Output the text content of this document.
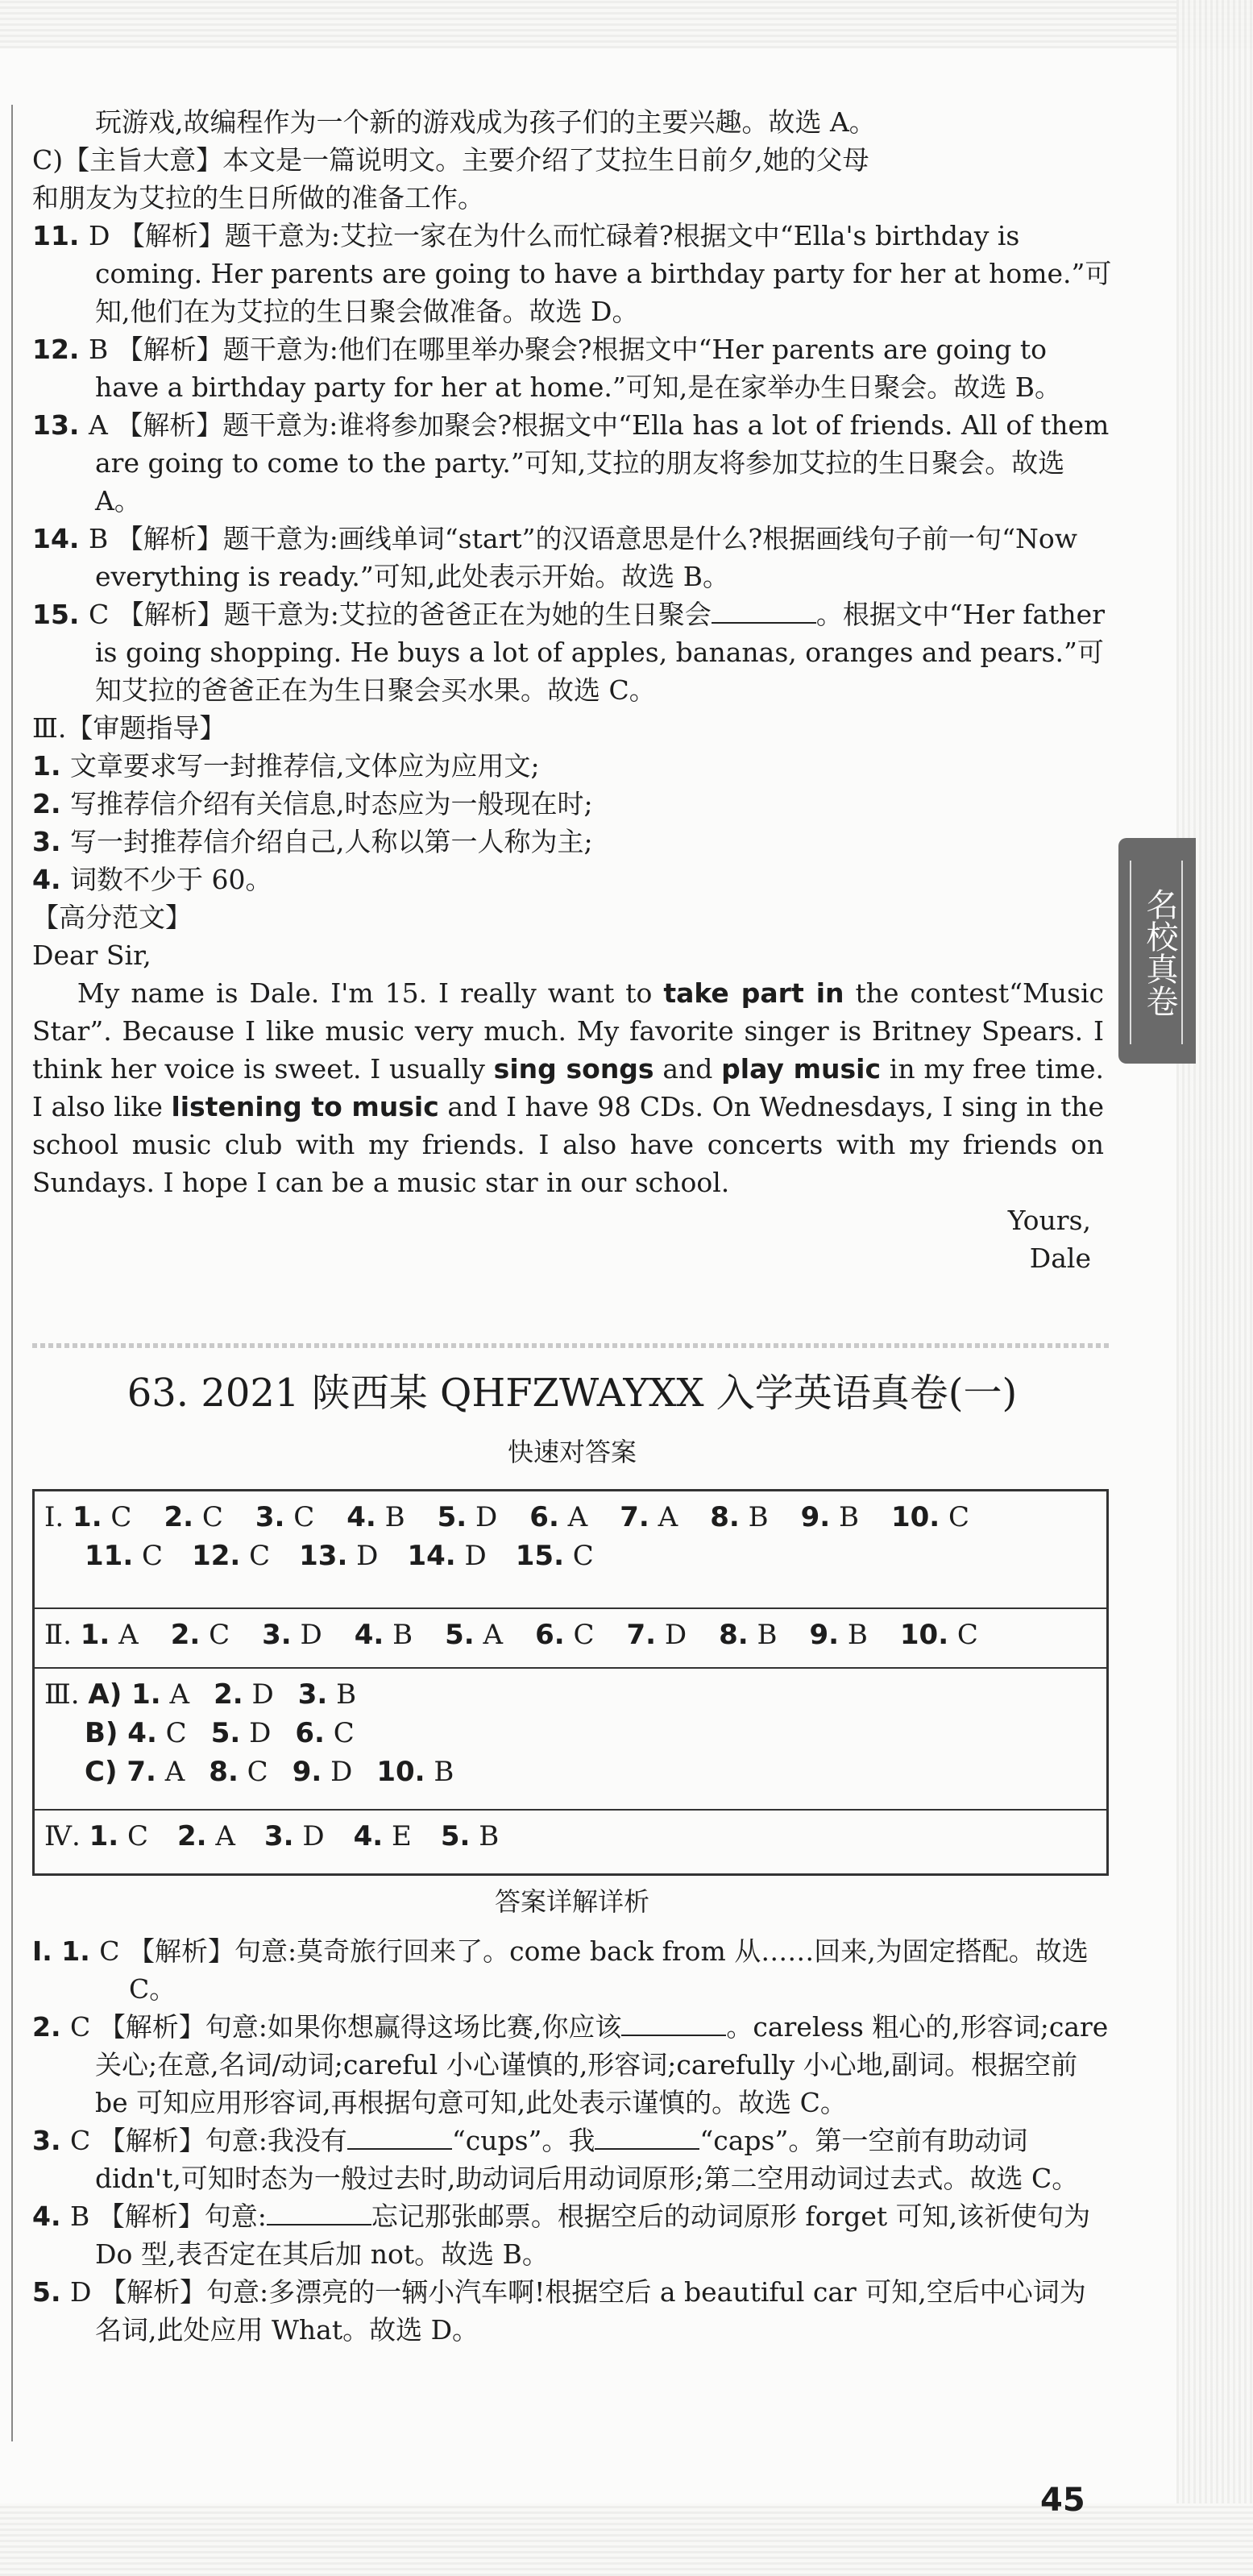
玩游戏,故编程作为一个新的游戏成为孩子们的主要兴趣。故选 A。

C)【主旨大意】本文是一篇说明文。主要介绍了艾拉生日前夕,她的父母

和朋友为艾拉的生日所做的准备工作。

11. D 【解析】题干意为:艾拉一家在为什么而忙碌着?根据文中“Ella's birthday is coming. Her parents are going to have a birthday party for her at home.”可知,他们在为艾拉的生日聚会做准备。故选 D。

12. B 【解析】题干意为:他们在哪里举办聚会?根据文中“Her parents are going to have a birthday party for her at home.”可知,是在家举办生日聚会。故选 B。

13. A 【解析】题干意为:谁将参加聚会?根据文中“Ella has a lot of friends. All of them are going to come to the party.”可知,艾拉的朋友将参加艾拉的生日聚会。故选 A。

14. B 【解析】题干意为:画线单词“start”的汉语意思是什么?根据画线句子前一句“Now everything is ready.”可知,此处表示开始。故选 B。

15. C 【解析】题干意为:艾拉的爸爸正在为她的生日聚会	。根据文中“Her father is going shopping. He buys a lot of apples, bananas, oranges and pears.”可知艾拉的爸爸正在为生日聚会买水果。故选 C。

Ⅲ.【审题指导】

1. 文章要求写一封推荐信,文体应为应用文;

2. 写推荐信介绍有关信息,时态应为一般现在时;

3. 写一封推荐信介绍自己,人称以第一人称为主;

4. 词数不少于 60。

【高分范文】

Dear Sir,

My name is Dale. I'm 15. I really want to take part in the contest“Music Star”. Because I like music very much. My favorite singer is Britney Spears. I think her voice is sweet. I usually sing songs and play music in my free time. I also like listening to music and I have 98 CDs. On Wednesdays, I sing in the school music club with my friends. I also have concerts with my friends on Sundays. I hope I can be a music star in our school.

Yours,

Dale

名校真卷
63. 2021 陕西某 QHFZWAYXX 入学英语真卷(一)
快速对答案
Ⅰ. 1. C 2. C 3. C 4. B 5. D 6. A 7. A 8. B 9. B 10. C
11. C 12. C 13. D 14. D 15. C
Ⅱ. 1. A 2. C 3. D 4. B 5. A 6. C 7. D 8. B 9. B 10. C
Ⅲ. A) 1. A 2. D 3. B
B) 4. C 5. D 6. C
C) 7. A 8. C 9. D 10. B
Ⅳ. 1. C 2. A 3. D 4. E 5. B
答案详解详析

Ⅰ. 1. C 【解析】句意:莫奇旅行回来了。come back from 从……回来,为固定搭配。故选 C。

2. C 【解析】句意:如果你想赢得这场比赛,你应该	。careless 粗心的,形容词;care 关心;在意,名词/动词;careful 小心谨慎的,形容词;carefully 小心地,副词。根据空前 be 可知应用形容词,再根据句意可知,此处表示谨慎的。故选 C。

3. C 【解析】句意:我没有	“cups”。我	“caps”。第一空前有助动词 didn't,可知时态为一般过去时,助动词后用动词原形;第二空用动词过去式。故选 C。

4. B 【解析】句意:	忘记那张邮票。根据空后的动词原形 forget 可知,该祈使句为 Do 型,表否定在其后加 not。故选 B。

5. D 【解析】句意:多漂亮的一辆小汽车啊!根据空后 a beautiful car 可知,空后中心词为名词,此处应用 What。故选 D。

45
